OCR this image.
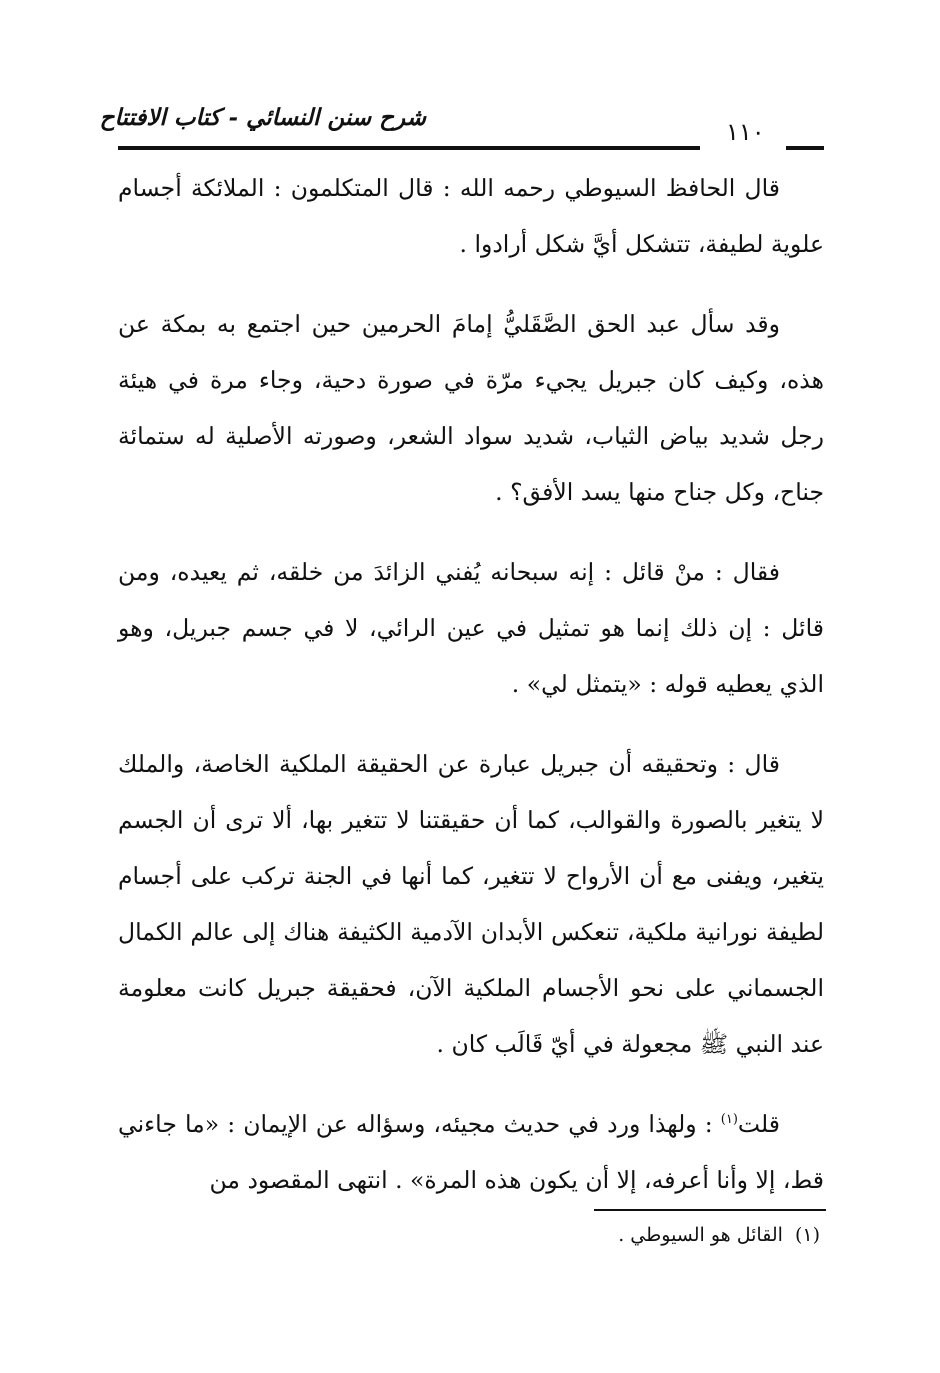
شرح سنن النسائي - كتاب الافتتاح
١١٠

قال الحافظ السيوطي رحمه الله : قال المتكلمون : الملائكة أجسام علوية لطيفة، تتشكل أيَّ شكل أرادوا .

وقد سأل عبد الحق الصَّقَليُّ إمامَ الحرمين حين اجتمع به بمكة عن هذه، وكيف كان جبريل يجيء مرّة في صورة دحية، وجاء مرة في هيئة رجل شديد بياض الثياب، شديد سواد الشعر، وصورته الأصلية له ستمائة جناح، وكل جناح منها يسد الأفق؟ .

فقال : منْ قائل : إنه سبحانه يُفني الزائدَ من خلقه، ثم يعيده، ومن قائل : إن ذلك إنما هو تمثيل في عين الرائي، لا في جسم جبريل، وهو الذي يعطيه قوله : «يتمثل لي» .

قال : وتحقيقه أن جبريل عبارة عن الحقيقة الملكية الخاصة، والملك لا يتغير بالصورة والقوالب، كما أن حقيقتنا لا تتغير بها، ألا ترى أن الجسم يتغير، ويفنى مع أن الأرواح لا تتغير، كما أنها في الجنة تركب على أجسام لطيفة نورانية ملكية، تنعكس الأبدان الآدمية الكثيفة هناك إلى عالم الكمال الجسماني على نحو الأجسام الملكية الآن، فحقيقة جبريل كانت معلومة عند النبي ﷺ مجعولة في أيّ قَالَب كان .

قلت$^{(١)}$ : ولهذا ورد في حديث مجيئه، وسؤاله عن الإيمان : «ما جاءني قط، إلا وأنا أعرفه، إلا أن يكون هذه المرة» . انتهى المقصود من

(١) القائل هو السيوطي .
